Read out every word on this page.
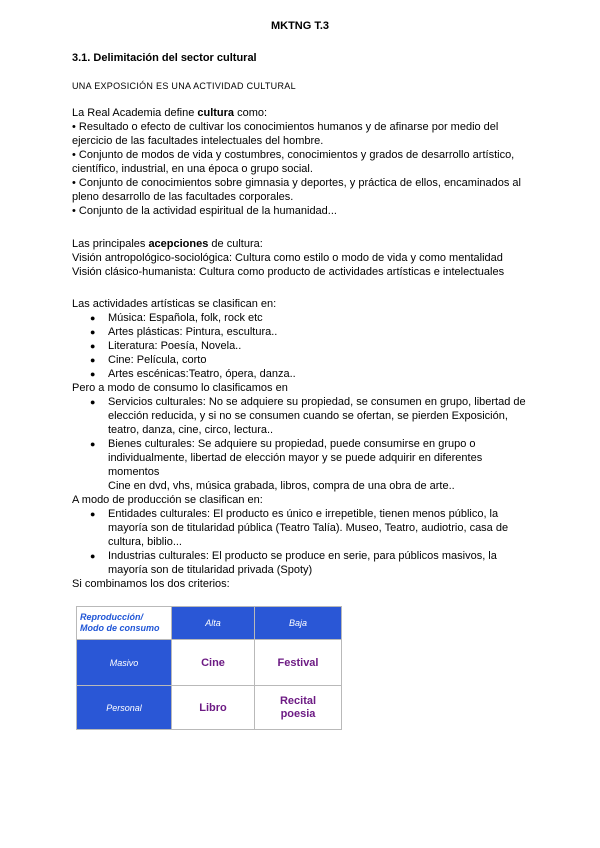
MKTNG T.3
3.1. Delimitación del sector cultural
UNA EXPOSICIÓN ES UNA ACTIVIDAD CULTURAL

La Real Academia define cultura como:

• Resultado o efecto de cultivar los conocimientos humanos y de afinarse por medio del ejercicio de las facultades intelectuales del hombre.

• Conjunto de modos de vida y costumbres, conocimientos y grados de desarrollo artístico, científico, industrial, en una época o grupo social.

• Conjunto de conocimientos sobre gimnasia y deportes, y práctica de ellos, encaminados al pleno desarrollo de las facultades corporales.

• Conjunto de la actividad espiritual de la humanidad...

Las principales acepciones de cultura:

Visión antropológico-sociológica: Cultura como estilo o modo de vida y como mentalidad

Visión clásico-humanista: Cultura como producto de actividades artísticas e intelectuales

Las actividades artísticas se clasifican en:

● Música: Española, folk, rock etc
● Artes plásticas: Pintura, escultura..
● Literatura: Poesía, Novela..
● Cine: Película, corto
● Artes escénicas:Teatro, ópera, danza..

Pero a modo de consumo lo clasificamos en

● Servicios culturales: No se adquiere su propiedad, se consumen en grupo, libertad de elección reducida, y si no se consumen cuando se ofertan, se pierden Exposición, teatro, danza, cine, circo, lectura..
● Bienes culturales: Se adquiere su propiedad, puede consumirse en grupo o individualmente, libertad de elección mayor y se puede adquirir en diferentes momentos
Cine en dvd, vhs, música grabada, libros, compra de una obra de arte..

A modo de producción se clasifican en:

● Entidades culturales: El producto es único e irrepetible, tienen menos público, la mayoría son de titularidad pública (Teatro Talía). Museo, Teatro, audiotrio, casa de cultura, biblio...
● Industrias culturales: El producto se produce en serie, para públicos masivos, la mayoría son de titularidad privada (Spoty)

Si combinamos los dos criterios:

Reproducción/
Modo de consumo	Alta	Baja
Masivo	Cine	Festival
Personal	Libro	Recital poesia
